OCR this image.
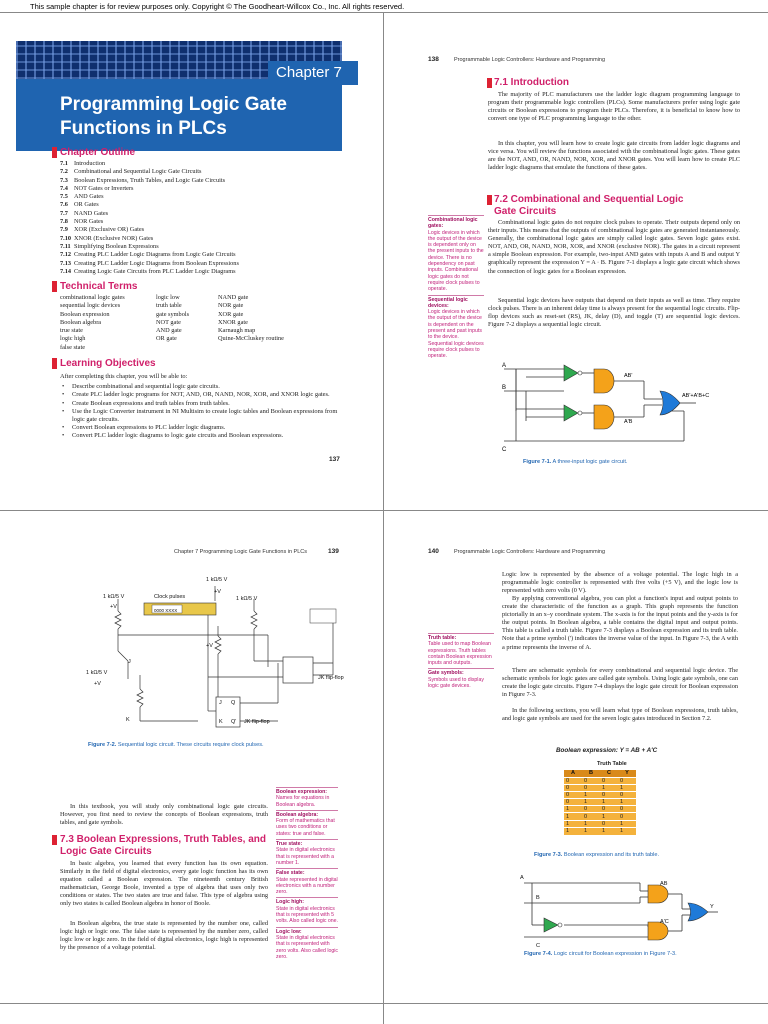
This sample chapter is for review purposes only. Copyright © The Goodheart-Willcox Co., Inc. All rights reserved.
Chapter 7
Programming Logic Gate
Functions in PLCs
Chapter Outline
7.1 Introduction
7.2 Combinational and Sequential Logic Gate Circuits
7.3 Boolean Expressions, Truth Tables, and Logic Gate Circuits
7.4 NOT Gates or Inverters
7.5 AND Gates
7.6 OR Gates
7.7 NAND Gates
7.8 NOR Gates
7.9 XOR (Exclusive OR) Gates
7.10 XNOR (Exclusive NOR) Gates
7.11 Simplifying Boolean Expressions
7.12 Creating PLC Ladder Logic Diagrams from Logic Gate Circuits
7.13 Creating PLC Ladder Logic Diagrams from Boolean Expressions
7.14 Creating Logic Gate Circuits from PLC Ladder Logic Diagrams
Technical Terms
combinational logic gates	logic low	NAND gate
sequential logic devices	truth table	NOR gate
Boolean expression	gate symbols	XOR gate
Boolean algebra	NOT gate	XNOR gate
true state	AND gate	Karnaugh map
logic high	OR gate	Quine-McCluskey routine
false state
Learning Objectives
After completing this chapter, you will be able to:
• Describe combinational and sequential logic gate circuits.
• Create PLC ladder logic programs for NOT, AND, OR, NAND, NOR, XOR, and XNOR logic gates.
• Create Boolean expressions and truth tables from truth tables.
• Use the Logic Converter instrument in NI Multisim to create logic tables and Boolean expressions from logic gate circuits.
• Convert Boolean expressions to PLC ladder logic diagrams.
• Convert PLC ladder logic diagrams to logic gate circuits and Boolean expressions.
137
138	Programmable Logic Controllers: Hardware and Programming
7.1 Introduction
The majority of PLC manufacturers use the ladder logic diagram programming language to program their programmable logic controllers (PLCs). Some manufacturers prefer using logic gate circuits or Boolean expressions to program their PLCs. Therefore, it is beneficial to know how to convert one type of PLC programming language to the other.
In this chapter, you will learn how to create logic gate circuits from ladder logic diagrams and vice versa. You will review the functions associated with the combinational logic gates. These gates are the NOT, AND, OR, NAND, NOR, XOR, and XNOR gates. You will learn how to create PLC ladder logic diagrams that emulate the functions of these gates.
7.2 Combinational and Sequential Logic
Gate Circuits
Combinational logic gates do not require clock pulses to operate. Their outputs depend only on their inputs. This means that the outputs of combinational logic gates are generated instantaneously. Generally, the combinational logic gates are simply called logic gates. Seven logic gates exist. NOT, AND, OR, NAND, NOR, XOR, and XNOR (exclusive NOR). The gates in a circuit represent a simple Boolean expression. For example, two-input AND gates with inputs A and B and output Y graphically represent the expression Y = A · B. Figure 7-1 displays a logic gate circuit which shows the connection of logic gates for a Boolean expression.
Sequential logic devices have outputs that depend on their inputs as well as time. They require clock pulses. There is an inherent delay time is always present for the sequential logic circuits. Flip-flop devices such as reset-set (RS), JK, delay (D), and toggle (T) are sequential logic devices. Figure 7-2 displays a sequential logic circuit.
Combinational logic gates:
Logic devices in which the output of the device is dependent only on the present inputs to the device. There is no dependency on past inputs. Combinational logic gates do not require clock pulses to operate.
Sequential logic devices:
Logic devices in which the output of the device is dependent on the present and past inputs to the device. Sequential logic devices require clock pulses to operate.
A
B
C
AB'
A'B
AB'+A'B+C
Figure 7-1. A three-input logic gate circuit.
Chapter 7 Programming Logic Gate Functions in PLCs	139
1 kΩ/5 V
+V
1 kΩ/5 V
+V
Clock pulses
0000 XXXX
1 kΩ/5 V
J
1 kΩ/5 V
+V
+V
K
JK flip-flop
JK flip-flop
J Q
K Q'
Figure 7-2. Sequential logic circuit. These circuits require clock pulses.
In this textbook, you will study only combinational logic gate circuits. However, you first need to review the concepts of Boolean expressions, truth tables, and gate symbols.
7.3 Boolean Expressions, Truth Tables, and
Logic Gate Circuits
In basic algebra, you learned that every function has its own equation. Similarly in the field of digital electronics, every gate logic function has its own equation called a Boolean expression. The nineteenth century British mathematician, George Boole, invented a type of algebra that uses only two conditions or states. The two states are true and false. This type of algebra using only two states is called Boolean algebra in honor of Boole.
In Boolean algebra, the true state is represented by the number one, called logic high or logic one. The false state is represented by the number zero, called logic low or logic zero. In the field of digital electronics, logic high is represented by the presence of a voltage potential.
Boolean expression:
Names for equations in Boolean algebra.
Boolean algebra:
Form of mathematics that uses two conditions or states: true and false.
True state:
State in digital electronics that is represented with a number 1.
False state:
State represented in digital electronics with a number zero.
Logic high:
State in digital electronics that is represented with 5 volts. Also called logic one.
Logic low:
State in digital electronics that is represented with zero volts. Also called logic zero.
140	Programmable Logic Controllers: Hardware and Programming
Logic low is represented by the absence of a voltage potential. The logic high in a programmable logic controller is represented with five volts (+5 V), and the logic low is represented with zero volts (0 V).
By applying conventional algebra, you can plot a function's input and output points to create the characteristic of the function as a graph. This graph represents the function pictorially in an x–y coordinate system. The x-axis is for the input points and the y-axis is for the output points. In Boolean algebra, a table contains the digital input and output points. This table is called a truth table. Figure 7-3 displays a Boolean expression and its truth table. Note that a prime symbol (') indicates the inverse value of the input. In Figure 7-3, the A with a prime represents the inverse of A.
There are schematic symbols for every combinational and sequential logic device. The schematic symbols for logic gates are called gate symbols. Using logic gate symbols, one can create the logic gate circuits. Figure 7-4 displays the logic gate circuit for Boolean expression in Figure 7-3.
In the following sections, you will learn what type of Boolean expressions, truth tables, and logic gate symbols are used for the seven logic gates introduced in Section 7.2.
Truth table:
Table used to map Boolean expressions. Truth tables contain Boolean expression inputs and outputs.
Gate symbols:
Symbols used to display logic gate devices.
Boolean expression: Y = AB + A'C
Truth Table
A	B	C	Y
0	0	0	0
0	0	1	1
0	1	0	0
0	1	1	1
1	0	0	0
1	0	1	0
1	1	0	1
1	1	1	1
Figure 7-3. Boolean expression and its truth table.
A
B
C
AB
A'C
Y
Figure 7-4. Logic circuit for Boolean expression in Figure 7-3.
